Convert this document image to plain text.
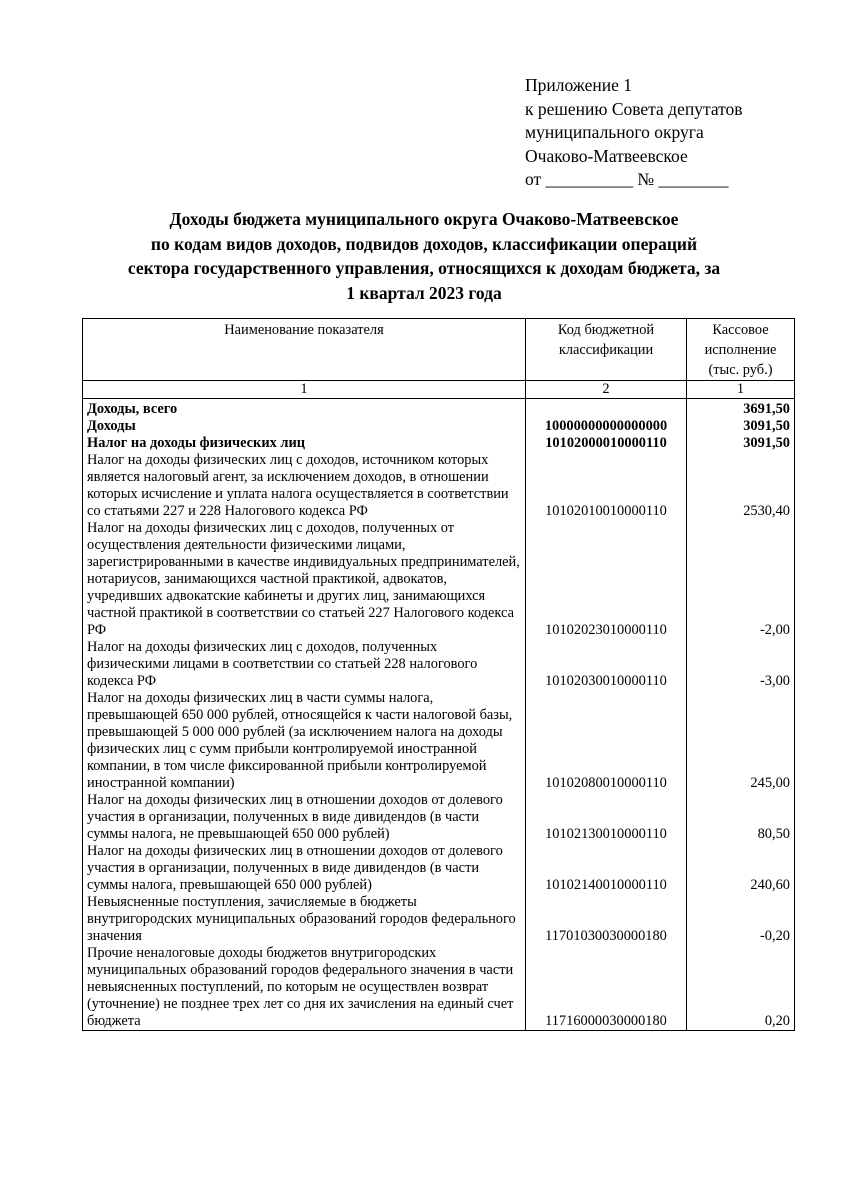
Приложение 1
к решению Совета депутатов
муниципального округа
Очаково-Матвеевское
от __________ № ________
Доходы бюджета муниципального округа Очаково-Матвеевское
по кодам видов доходов, подвидов доходов, классификации операций
сектора государственного управления, относящихся к доходам бюджета, за
1 квартал 2023 года
Наименование показателя	Код бюджетной классификации	Кассовое исполнение (тыс. руб.)
1	2	1
Доходы, всего		3691,50
Доходы	10000000000000000	3091,50
Налог на доходы физических лиц	10102000010000110	3091,50
Налог на доходы физических лиц с доходов, источником которых является налоговый агент, за исключением доходов, в отношении которых исчисление и уплата налога осуществляется в соответствии со статьями 227 и 228 Налогового кодекса РФ	10102010010000110	2530,40
Налог на доходы физических лиц с доходов, полученных от осуществления деятельности физическими лицами, зарегистрированными в качестве индивидуальных предпринимателей, нотариусов, занимающихся частной практикой, адвокатов, учредивших адвокатские кабинеты и других лиц, занимающихся частной практикой в соответствии со статьей 227 Налогового кодекса РФ	10102023010000110	-2,00
Налог на доходы физических лиц с доходов, полученных физическими лицами в соответствии со статьей 228 налогового кодекса РФ	10102030010000110	-3,00
Налог на доходы физических лиц в части суммы налога, превышающей 650 000 рублей, относящейся к части налоговой базы, превышающей 5 000 000 рублей (за исключением налога на доходы физических лиц с сумм прибыли контролируемой иностранной компании, в том числе фиксированной прибыли контролируемой иностранной компании)	10102080010000110	245,00
Налог на доходы физических лиц в отношении доходов от долевого участия в организации, полученных в виде дивидендов (в части суммы налога, не превышающей 650 000 рублей)	10102130010000110	80,50
Налог на доходы физических лиц в отношении доходов от долевого участия в организации, полученных в виде дивидендов (в части суммы налога, превышающей 650 000 рублей)	10102140010000110	240,60
Невыясненные поступления, зачисляемые в бюджеты внутригородских муниципальных образований городов федерального значения	11701030030000180	-0,20
Прочие неналоговые доходы бюджетов внутригородских муниципальных образований городов федерального значения в части невыясненных поступлений, по которым не осуществлен возврат (уточнение) не позднее трех лет со дня их зачисления на единый счет бюджета	11716000030000180	0,20
